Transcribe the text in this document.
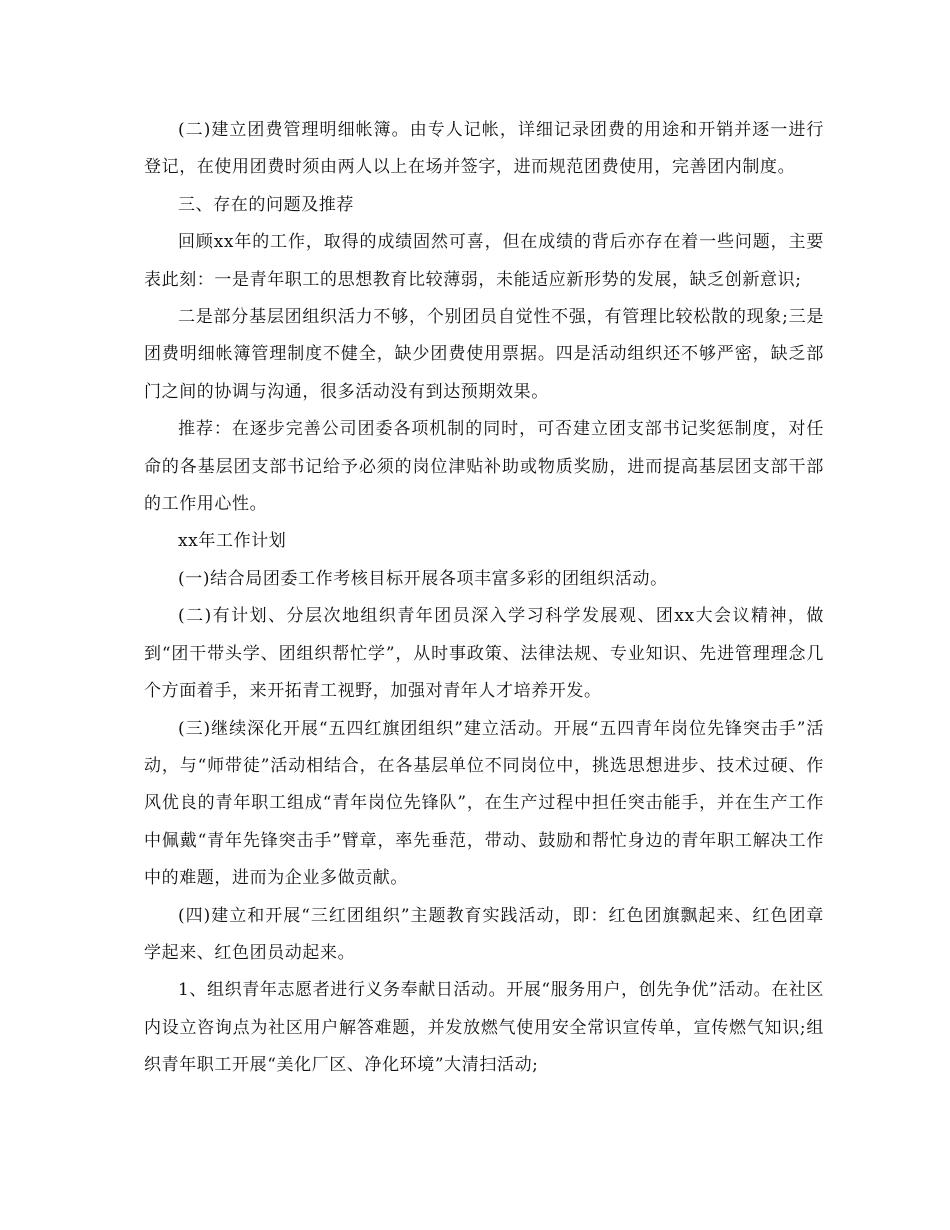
(二)建立团费管理明细帐簿。由专人记帐，详细记录团费的用途和开销并逐一进行登记，在使用团费时须由两人以上在场并签字，进而规范团费使用，完善团内制度。

三、存在的问题及推荐

回顾xx年的工作，取得的成绩固然可喜，但在成绩的背后亦存在着一些问题，主要表此刻：一是青年职工的思想教育比较薄弱，未能适应新形势的发展，缺乏创新意识;

二是部分基层团组织活力不够，个别团员自觉性不强，有管理比较松散的现象;三是团费明细帐簿管理制度不健全，缺少团费使用票据。四是活动组织还不够严密，缺乏部门之间的协调与沟通，很多活动没有到达预期效果。

推荐：在逐步完善公司团委各项机制的同时，可否建立团支部书记奖惩制度，对任命的各基层团支部书记给予必须的岗位津贴补助或物质奖励，进而提高基层团支部干部的工作用心性。

xx年工作计划

(一)结合局团委工作考核目标开展各项丰富多彩的团组织活动。

(二)有计划、分层次地组织青年团员深入学习科学发展观、团xx大会议精神，做到“团干带头学、团组织帮忙学”，从时事政策、法律法规、专业知识、先进管理理念几个方面着手，来开拓青工视野，加强对青年人才培养开发。

(三)继续深化开展“五四红旗团组织”建立活动。开展“五四青年岗位先锋突击手”活动，与“师带徒”活动相结合，在各基层单位不同岗位中，挑选思想进步、技术过硬、作风优良的青年职工组成“青年岗位先锋队”，在生产过程中担任突击能手，并在生产工作中佩戴“青年先锋突击手”臂章，率先垂范，带动、鼓励和帮忙身边的青年职工解决工作中的难题，进而为企业多做贡献。

(四)建立和开展“三红团组织”主题教育实践活动，即：红色团旗飘起来、红色团章学起来、红色团员动起来。

1、组织青年志愿者进行义务奉献日活动。开展“服务用户，创先争优”活动。在社区内设立咨询点为社区用户解答难题，并发放燃气使用安全常识宣传单，宣传燃气知识;组织青年职工开展“美化厂区、净化环境”大清扫活动;
